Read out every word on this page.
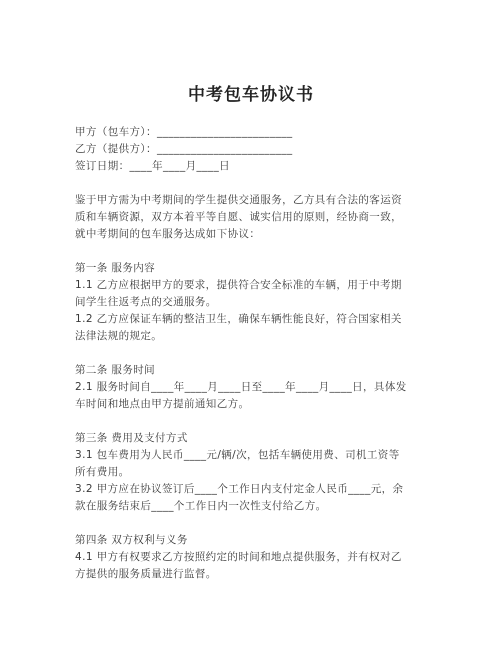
中考包车协议书
甲方（包车方）：________________________
乙方（提供方）：________________________
签订日期：____年____月____日
鉴于甲方需为中考期间的学生提供交通服务，乙方具有合法的客运资
质和车辆资源，双方本着平等自愿、诚实信用的原则，经协商一致，
就中考期间的包车服务达成如下协议：
第一条 服务内容
1.1 乙方应根据甲方的要求，提供符合安全标准的车辆，用于中考期
间学生往返考点的交通服务。
1.2 乙方应保证车辆的整洁卫生，确保车辆性能良好，符合国家相关
法律法规的规定。
第二条 服务时间
2.1 服务时间自____年____月____日至____年____月____日，具体发
车时间和地点由甲方提前通知乙方。
第三条 费用及支付方式
3.1 包车费用为人民币____元/辆/次，包括车辆使用费、司机工资等
所有费用。
3.2 甲方应在协议签订后____个工作日内支付定金人民币____元，余
款在服务结束后____个工作日内一次性支付给乙方。
第四条 双方权利与义务
4.1 甲方有权要求乙方按照约定的时间和地点提供服务，并有权对乙
方提供的服务质量进行监督。
